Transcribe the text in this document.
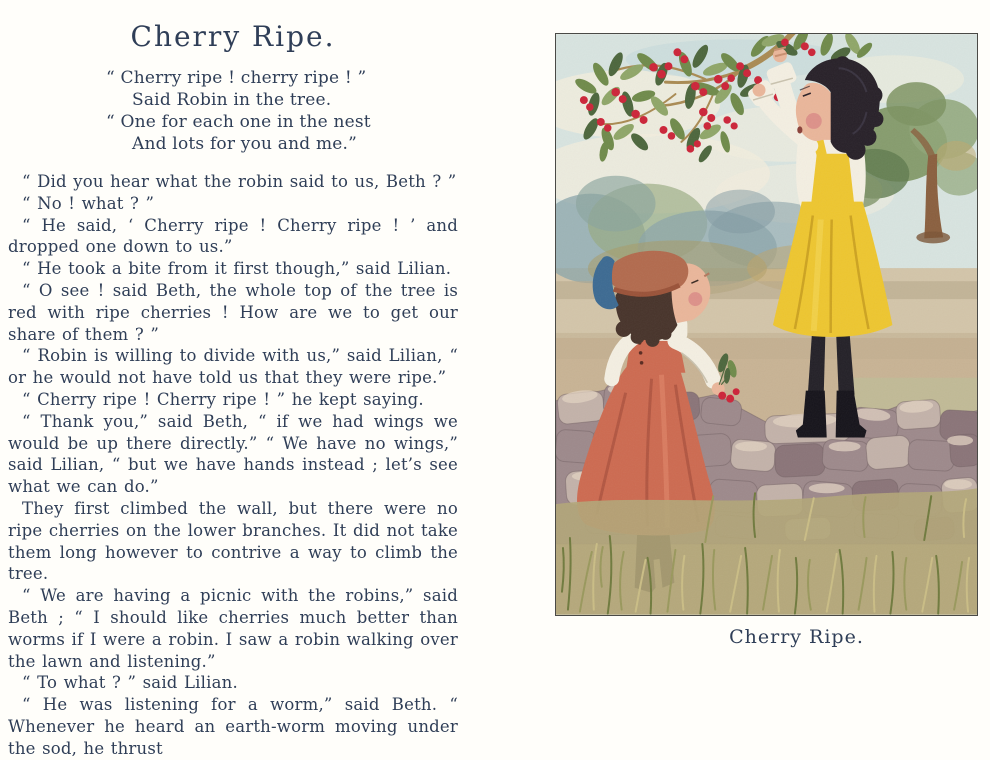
Cherry Ripe.
“ Cherry ripe ! cherry ripe ! ”
Said Robin in the tree.
“ One for each one in the nest
And lots for you and me.”

“ Did you hear what the robin said to us, Beth ? ”

“ No ! what ? ”

“ He said, ‘ Cherry ripe ! Cherry ripe ! ’ and dropped one down to us.”

“ He took a bite from it first though,” said Lilian.

“ O see ! said Beth, the whole top of the tree is red with ripe cherries ! How are we to get our share of them ? ”

“ Robin is willing to divide with us,” said Lilian, “ or he would not have told us that they were ripe.”

“ Cherry ripe ! Cherry ripe ! ” he kept saying.

“ Thank you,” said Beth, “ if we had wings we would be up there directly.” “ We have no wings,” said Lilian, “ but we have hands instead ; let’s see what we can do.”

They first climbed the wall, but there were no ripe cherries on the lower branches. It did not take them long however to contrive a way to climb the tree.

“ We are having a picnic with the robins,” said Beth ; “ I should like cherries much better than worms if I were a robin. I saw a robin walking over the lawn and listening.”

“ To what ? ” said Lilian.

“ He was listening for a worm,” said Beth. “ Whenever he heard an earth-worm moving under the sod, he thrust

Cherry Ripe.
